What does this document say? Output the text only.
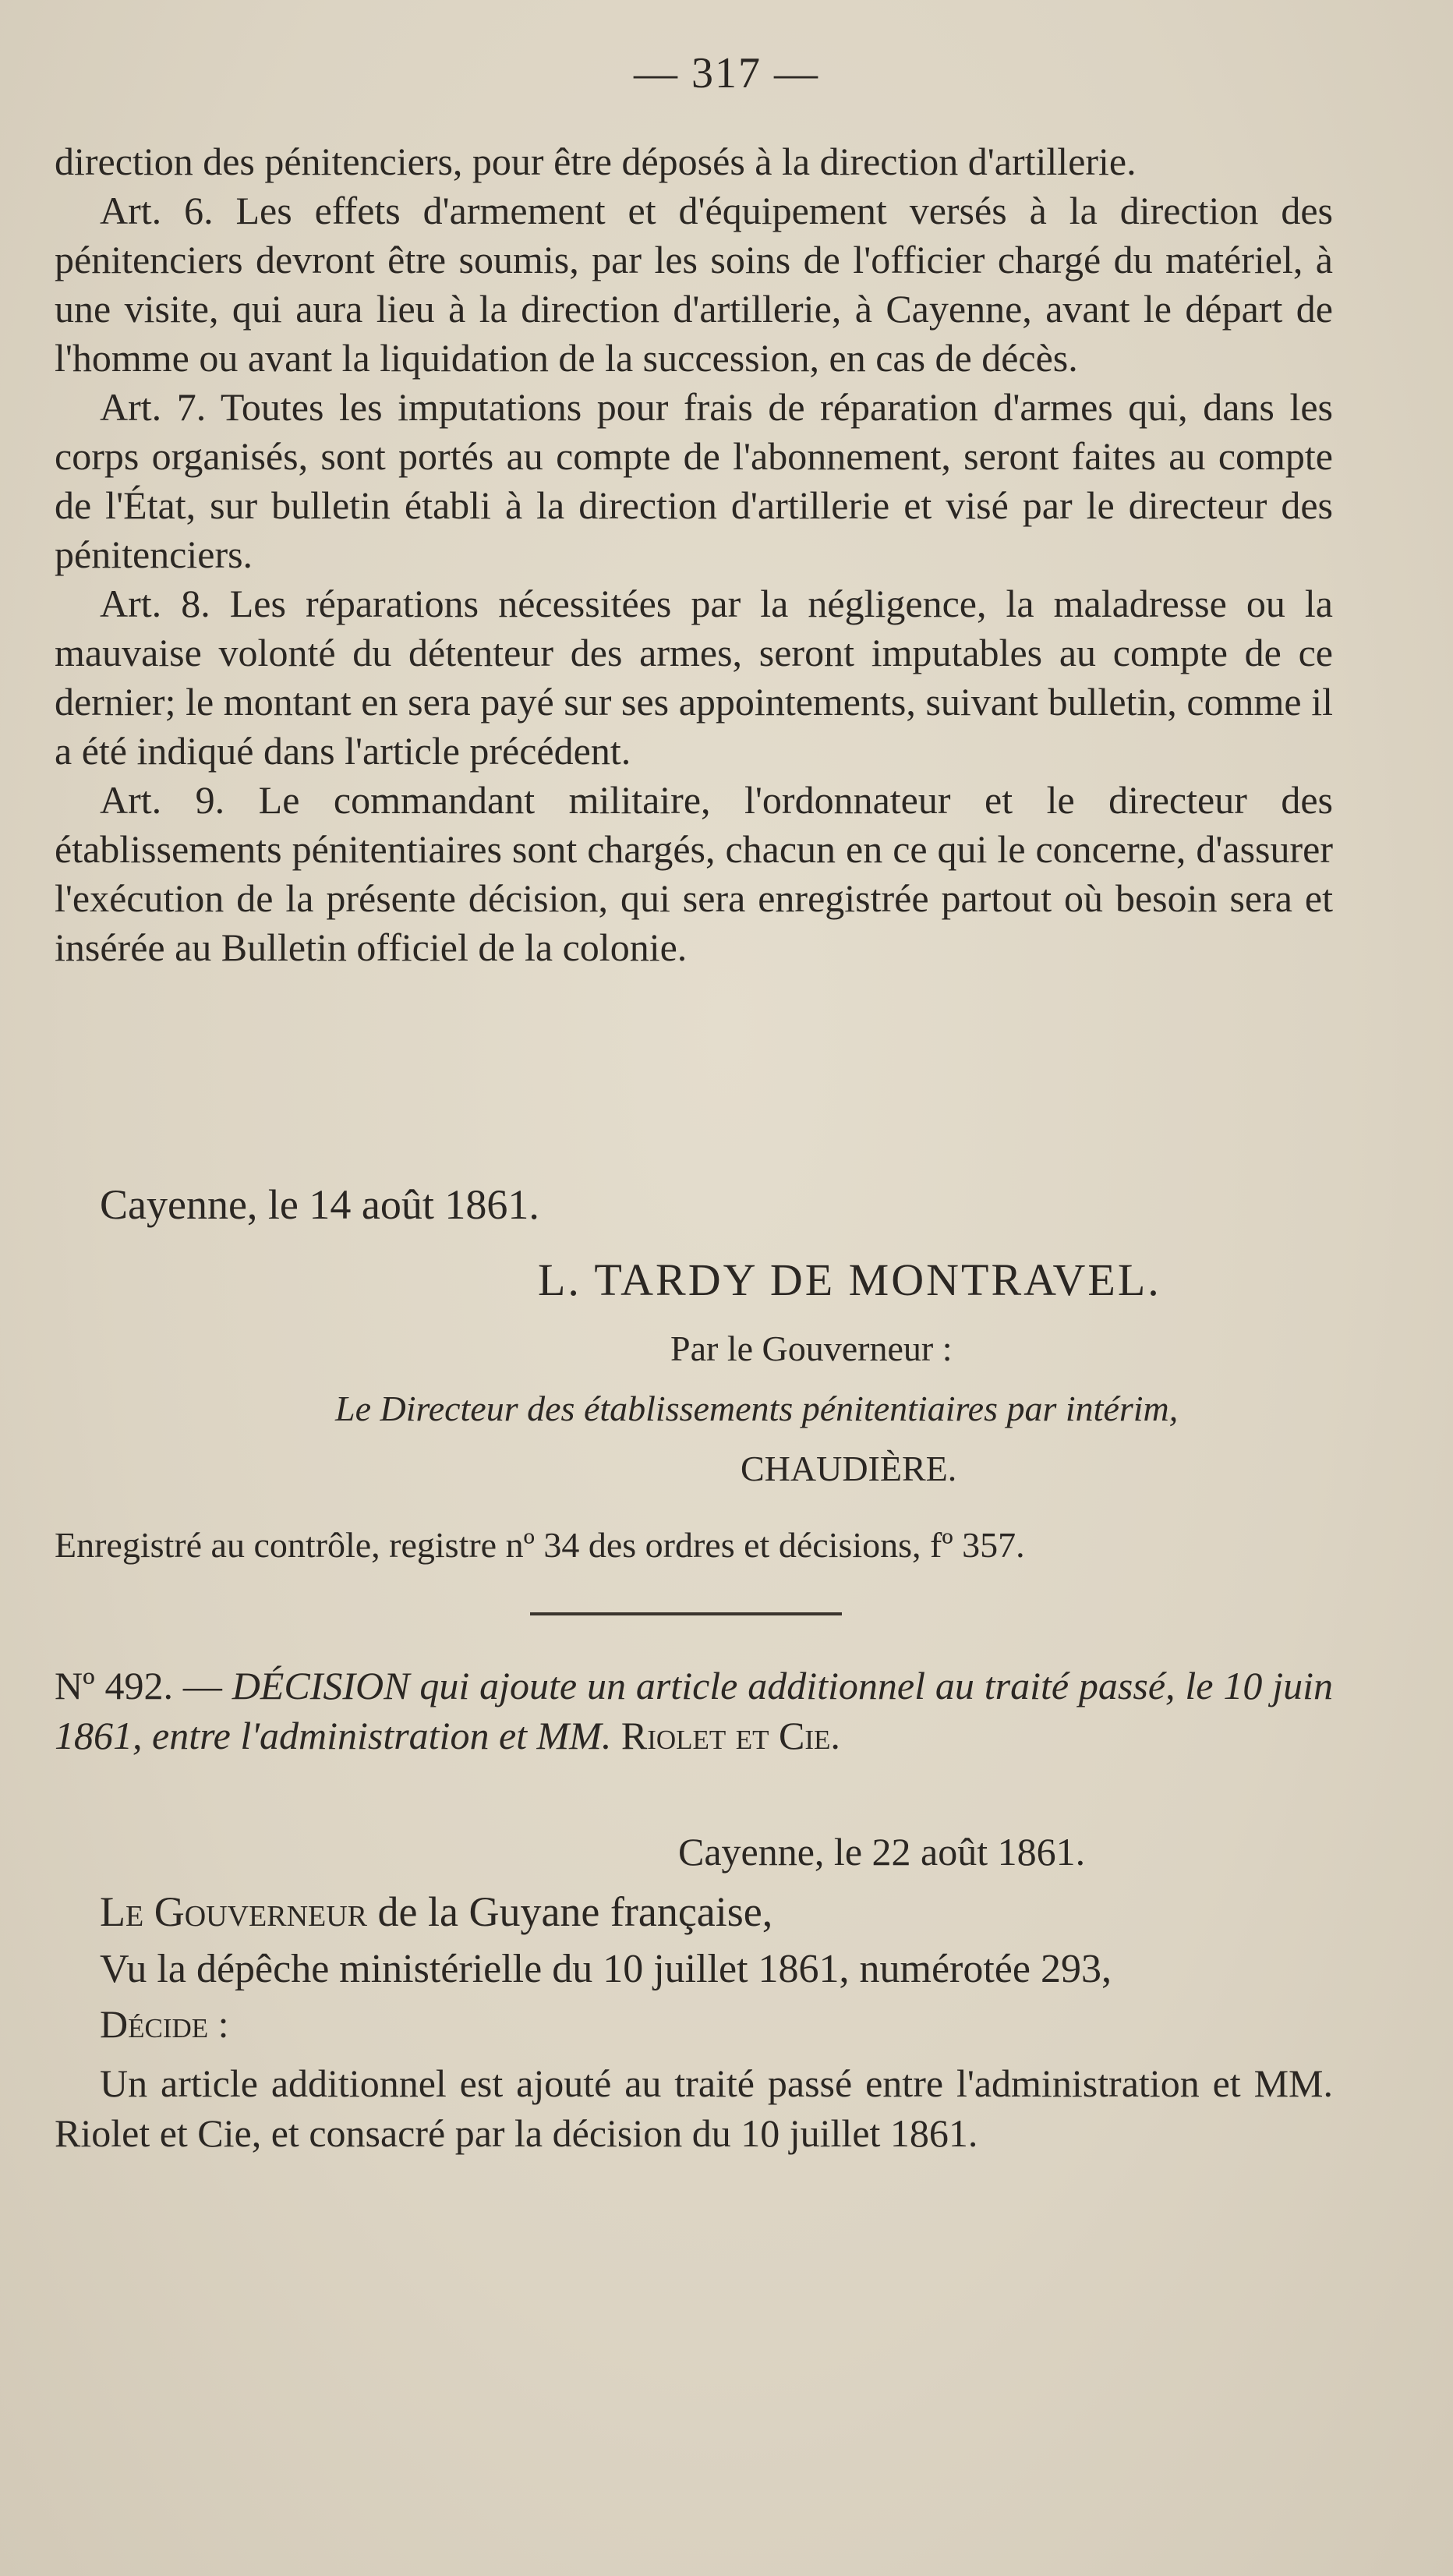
— 317 —

direction des pénitenciers, pour être déposés à la direction d'artillerie.

Art. 6. Les effets d'armement et d'équipement versés à la direction des pénitenciers devront être soumis, par les soins de l'officier chargé du matériel, à une visite, qui aura lieu à la direction d'artillerie, à Cayenne, avant le départ de l'homme ou avant la liquidation de la succession, en cas de décès.

Art. 7. Toutes les imputations pour frais de réparation d'armes qui, dans les corps organisés, sont portés au compte de l'abonnement, seront faites au compte de l'État, sur bulletin établi à la direction d'artillerie et visé par le directeur des pénitenciers.

Art. 8. Les réparations nécessitées par la négligence, la maladresse ou la mauvaise volonté du détenteur des armes, seront imputables au compte de ce dernier; le montant en sera payé sur ses appointements, suivant bulletin, comme il a été indiqué dans l'article précédent.

Art. 9. Le commandant militaire, l'ordonnateur et le directeur des établissements pénitentiaires sont chargés, chacun en ce qui le concerne, d'assurer l'exécution de la présente décision, qui sera enregistrée partout où besoin sera et insérée au Bulletin officiel de la colonie.

Cayenne, le 14 août 1861.
L. TARDY DE MONTRAVEL.
Par le Gouverneur :
Le Directeur des établissements pénitentiaires par intérim,
CHAUDIÈRE.
Enregistré au contrôle, registre nº 34 des ordres et décisions, fº 357.

Nº 492. — DÉCISION qui ajoute un article additionnel au traité passé, le 10 juin 1861, entre l'administration et MM. Riolet et Cie.

Cayenne, le 22 août 1861.
Le Gouverneur de la Guyane française,
Vu la dépêche ministérielle du 10 juillet 1861, numérotée 293,
Décide :

Un article additionnel est ajouté au traité passé entre l'administration et MM. Riolet et Cie, et consacré par la décision du 10 juillet 1861.
